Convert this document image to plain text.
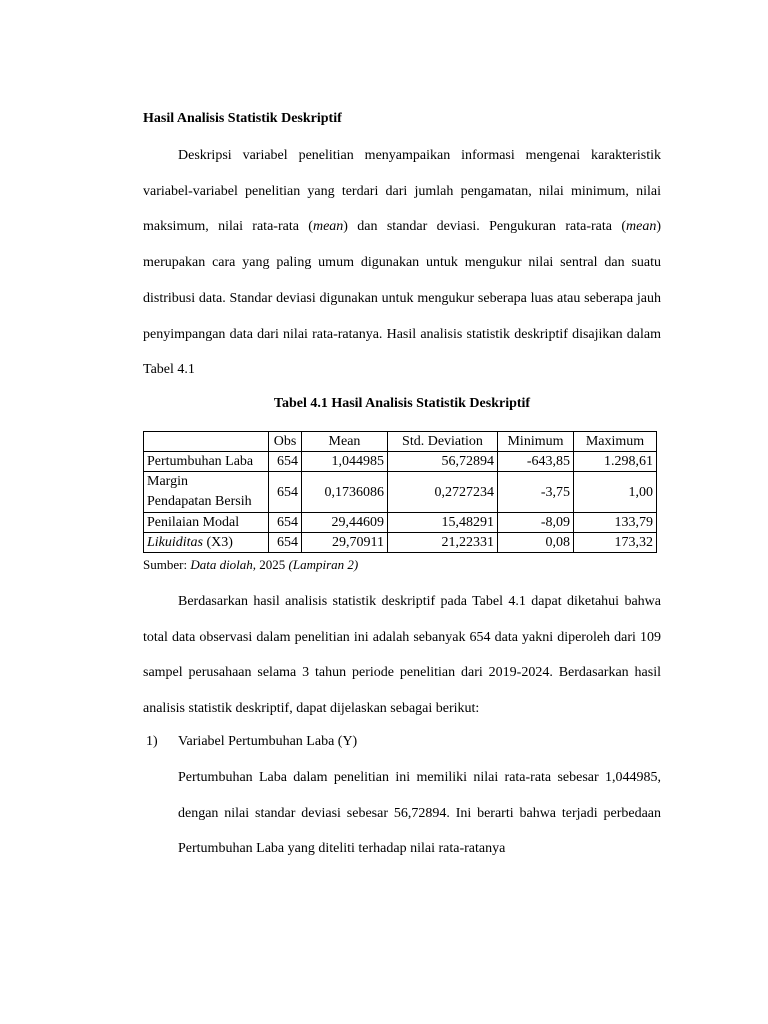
Hasil Analisis Statistik Deskriptif

Deskripsi variabel penelitian menyampaikan informasi mengenai karakteristik variabel-variabel penelitian yang terdari dari jumlah pengamatan, nilai minimum, nilai maksimum, nilai rata-rata (mean) dan standar deviasi. Pengukuran rata-rata (mean) merupakan cara yang paling umum digunakan untuk mengukur nilai sentral dan suatu distribusi data. Standar deviasi digunakan untuk mengukur seberapa luas atau seberapa jauh penyimpangan data dari nilai rata-ratanya. Hasil analisis statistik deskriptif disajikan dalam Tabel 4.1

Tabel 4.1 Hasil Analisis Statistik Deskriptif
	Obs	Mean	Std. Deviation	Minimum	Maximum
Pertumbuhan Laba	654	1,044985	56,72894	-643,85	1.298,61
Margin
Pendapatan Bersih	654	0,1736086	0,2727234	-3,75	1,00
Penilaian Modal	654	29,44609	15,48291	-8,09	133,79
Likuiditas (X3)	654	29,70911	21,22331	0,08	173,32
Sumber: Data diolah, 2025 (Lampiran 2)

Berdasarkan hasil analisis statistik deskriptif pada Tabel 4.1 dapat diketahui bahwa total data observasi dalam penelitian ini adalah sebanyak 654 data yakni diperoleh dari 109 sampel perusahaan selama 3 tahun periode penelitian dari 2019-2024. Berdasarkan hasil analisis statistik deskriptif, dapat dijelaskan sebagai berikut:

1) Variabel Pertumbuhan Laba (Y)

Pertumbuhan Laba dalam penelitian ini memiliki nilai rata-rata sebesar 1,044985, dengan nilai standar deviasi sebesar 56,72894. Ini berarti bahwa terjadi perbedaan Pertumbuhan Laba yang diteliti terhadap nilai rata-ratanya
